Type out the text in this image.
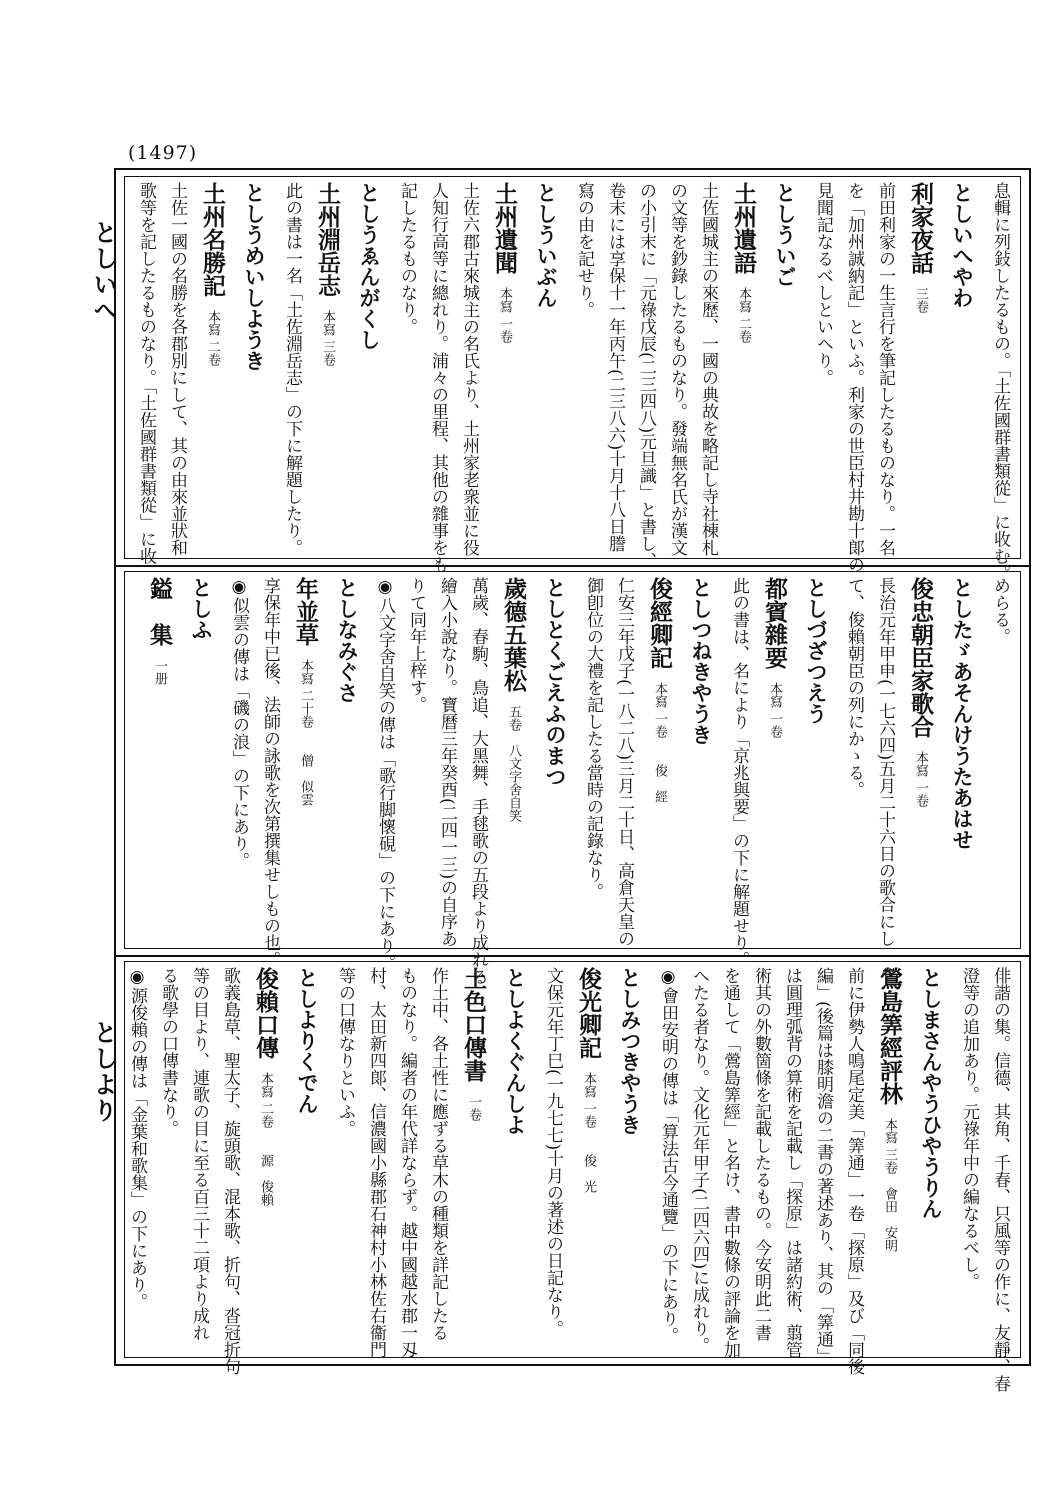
(1497)
としいへ
としより
息輯に列鈙したるもの。「土佐國群書類從」に收む。
としいへやわ
利家夜話　三卷
前田利家の一生言行を筆記したるものなり。一名
を「加州誠納記」といふ。利家の世臣村井勘十郞の
見聞記なるべしといへり。
としういご
土州遺語　本寫 二卷
土佐國城主の來歷、一國の典故を略記し寺社棟札
の文等を鈔錄したるものなり。發端無名氏が漢文
の小引末に「元祿戊辰(二三四八)元旦識」と書し、
卷末には享保十一年丙午(二三八六)十月十八日謄
寫の由を記せり。
としういぶん
土州遺聞　本寫 一卷
土佐六郡古來城主の名氏より、土州家老衆並に役
人知行高等に總れり。浦々の里程、其他の雜事をも
記したるものなり。
としうゑんがくし
土州淵岳志　本寫 三卷
此の書は一名「土佐淵岳志」の下に解題したり。
としうめいしようき
土州名勝記　本寫 二卷
土佐一國の名勝を各郡別にして、其の由來並狀和
歌等を記したるものなり。「土佐國群書類從」に收
めらる。
としたゞあそんけうたあはせ
俊忠朝臣家歌合　本寫 一卷
長治元年甲申(一七六四)五月二十六日の歌合にし
て、俊賴朝臣の列にかゝる。
としづざつえう
都賓雜要　本寫 一卷
此の書は、名により「京兆與要」の下に解題せり。
としつねきやうき
俊經卿記　本寫 一卷　　俊　經
仁安三年戊子(一八二八)三月二十日、高倉天皇の
御卽位の大禮を記したる當時の記錄なり。
としとくごえふのまつ
歲德五葉松　五卷　八文字舍自笑
萬歲、春駒、鳥追、大黑舞、手毬歌の五段より成れる
繪入小說なり。寶曆三年癸酉(二四一三)の自序あ
りて同年上梓す。
◉八文字舍自笑の傳は「歌行脚懷硯」の下にあり。
としなみぐさ
年並草　本寫 二十卷　　僧　似雲
享保年中已後、法師の詠歌を次第撰集せしもの也。
◉似雲の傳は「磯の浪」の下にあり。
としふ
鎰　集　一册
俳諧の集。信德、其角、千春、只風等の作に、友靜、春
澄等の追加あり。元祿年中の編なるべし。
としまさんやうひやうりん
鶯島筭經評林　本寫 三卷　會田　安明
前に伊勢人鳴尾定美「筭通」一卷「探原」及び「同後
編」(後篇は膝明澹の二書の著述あり、其の「筭通」
は圓理弧背の算術を記載し「探原」は諸約術、翦管
術其の外數箇條を記載したるもの。今安明此二書
を通して「鶯島筭經」と名け、書中數條の評論を加
へたる者なり。文化元年甲子(二四六四)に成れり。
◉會田安明の傳は「算法古今通覽」の下にあり。
としみつきやうき
俊光卿記　本寫 一卷　　俊　光
文保元年丁巳(一九七七)十月の著述の日記なり。
としよくぐんしよ
土色口傳書　一卷
作土中、各土性に應ずる草木の種類を詳記したる
ものなり。編者の年代詳ならず。越中國越水郡一刄
村、太田新四郞、信濃國小縣郡石神村小林佐右衞門
等の口傳なりといふ。
としよりくでん
俊賴口傳　本寫 二卷　　源　俊賴
歌義島草、聖太子、旋頭歌、混本歌、折句、沓冠折句
等の目より、連歌の目に至る百三十二項より成れ
る歌學の口傳書なり。
◉源俊賴の傳は「金葉和歌集」の下にあり。
